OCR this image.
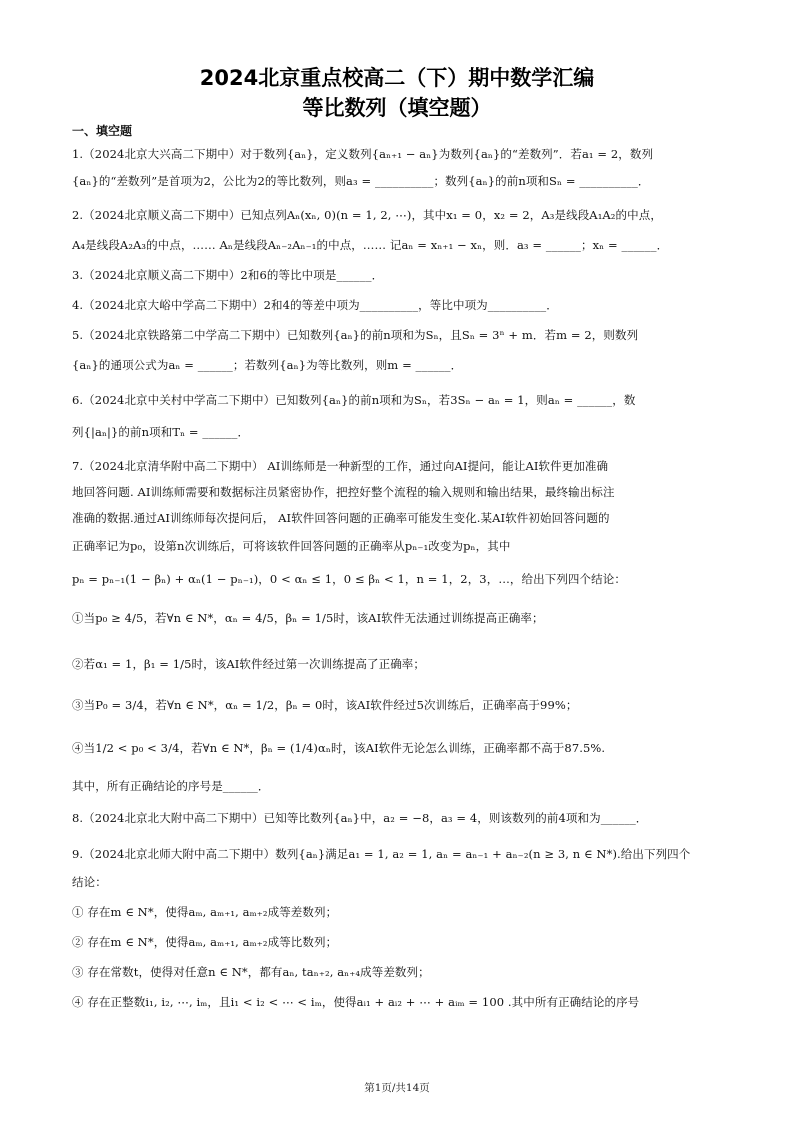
2024北京重点校高二（下）期中数学汇编
等比数列（填空题）
一、填空题
1.（2024北京大兴高二下期中）对于数列{aₙ}，定义数列{aₙ₊₁ − aₙ}为数列{aₙ}的“差数列”．若a₁ = 2，数列
{aₙ}的“差数列”是首项为2，公比为2的等比数列，则a₃ = __________；数列{aₙ}的前n项和Sₙ = __________．
2.（2024北京顺义高二下期中）已知点列Aₙ(xₙ, 0)(n = 1, 2, ⋯)，其中x₁ = 0，x₂ = 2，A₃是线段A₁A₂的中点，
A₄是线段A₂A₃的中点，…… Aₙ是线段Aₙ₋₂Aₙ₋₁的中点，…… 记aₙ = xₙ₊₁ − xₙ，则．a₃ = ______；xₙ = ______．
3.（2024北京顺义高二下期中）2和6的等比中项是______．
4.（2024北京大峪中学高二下期中）2和4的等差中项为__________，等比中项为__________．
5.（2024北京铁路第二中学高二下期中）已知数列{aₙ}的前n项和为Sₙ，且Sₙ = 3ⁿ + m．若m = 2，则数列
{aₙ}的通项公式为aₙ = ______；若数列{aₙ}为等比数列，则m = ______．
6.（2024北京中关村中学高二下期中）已知数列{aₙ}的前n项和为Sₙ，若3Sₙ − aₙ = 1，则aₙ = ______，数
列{|aₙ|}的前n项和Tₙ = ______．
7.（2024北京清华附中高二下期中） AI训练师是一种新型的工作，通过向AI提问，能让AI软件更加准确
地回答问题. AI训练师需要和数据标注员紧密协作，把控好整个流程的输入规则和输出结果，最终输出标注
准确的数据.通过AI训练师每次提问后， AI软件回答问题的正确率可能发生变化.某AI软件初始回答问题的
正确率记为p₀，设第n次训练后，可将该软件回答问题的正确率从pₙ₋₁改变为pₙ，其中
pₙ = pₙ₋₁(1 − βₙ) + αₙ(1 − pₙ₋₁)，0 < αₙ ≤ 1，0 ≤ βₙ < 1，n = 1，2，3，…，给出下列四个结论：
①当p₀ ≥ 4/5，若∀n ∈ N*，αₙ = 4/5，βₙ = 1/5时，该AI软件无法通过训练提高正确率；
②若α₁ = 1，β₁ = 1/5时，该AI软件经过第一次训练提高了正确率；
③当P₀ = 3/4，若∀n ∈ N*，αₙ = 1/2，βₙ = 0时，该AI软件经过5次训练后，正确率高于99%；
④当1/2 < p₀ < 3/4，若∀n ∈ N*，βₙ = (1/4)αₙ时，该AI软件无论怎么训练，正确率都不高于87.5%.
其中，所有正确结论的序号是______．
8.（2024北京北大附中高二下期中）已知等比数列{aₙ}中，a₂ = −8，a₃ = 4，则该数列的前4项和为______．
9.（2024北京北师大附中高二下期中）数列{aₙ}满足a₁ = 1, a₂ = 1, aₙ = aₙ₋₁ + aₙ₋₂(n ≥ 3, n ∈ N*).给出下列四个
结论：
① 存在m ∈ N*，使得aₘ, aₘ₊₁, aₘ₊₂成等差数列；
② 存在m ∈ N*，使得aₘ, aₘ₊₁, aₘ₊₂成等比数列；
③ 存在常数t，使得对任意n ∈ N*，都有aₙ, taₙ₊₂, aₙ₊₄成等差数列；
④ 存在正整数i₁, i₂, ⋯, iₘ，且i₁ < i₂ < ⋯ < iₘ，使得aᵢ₁ + aᵢ₂ + ⋯ + aᵢₘ = 100 .其中所有正确结论的序号
第1页/共14页
